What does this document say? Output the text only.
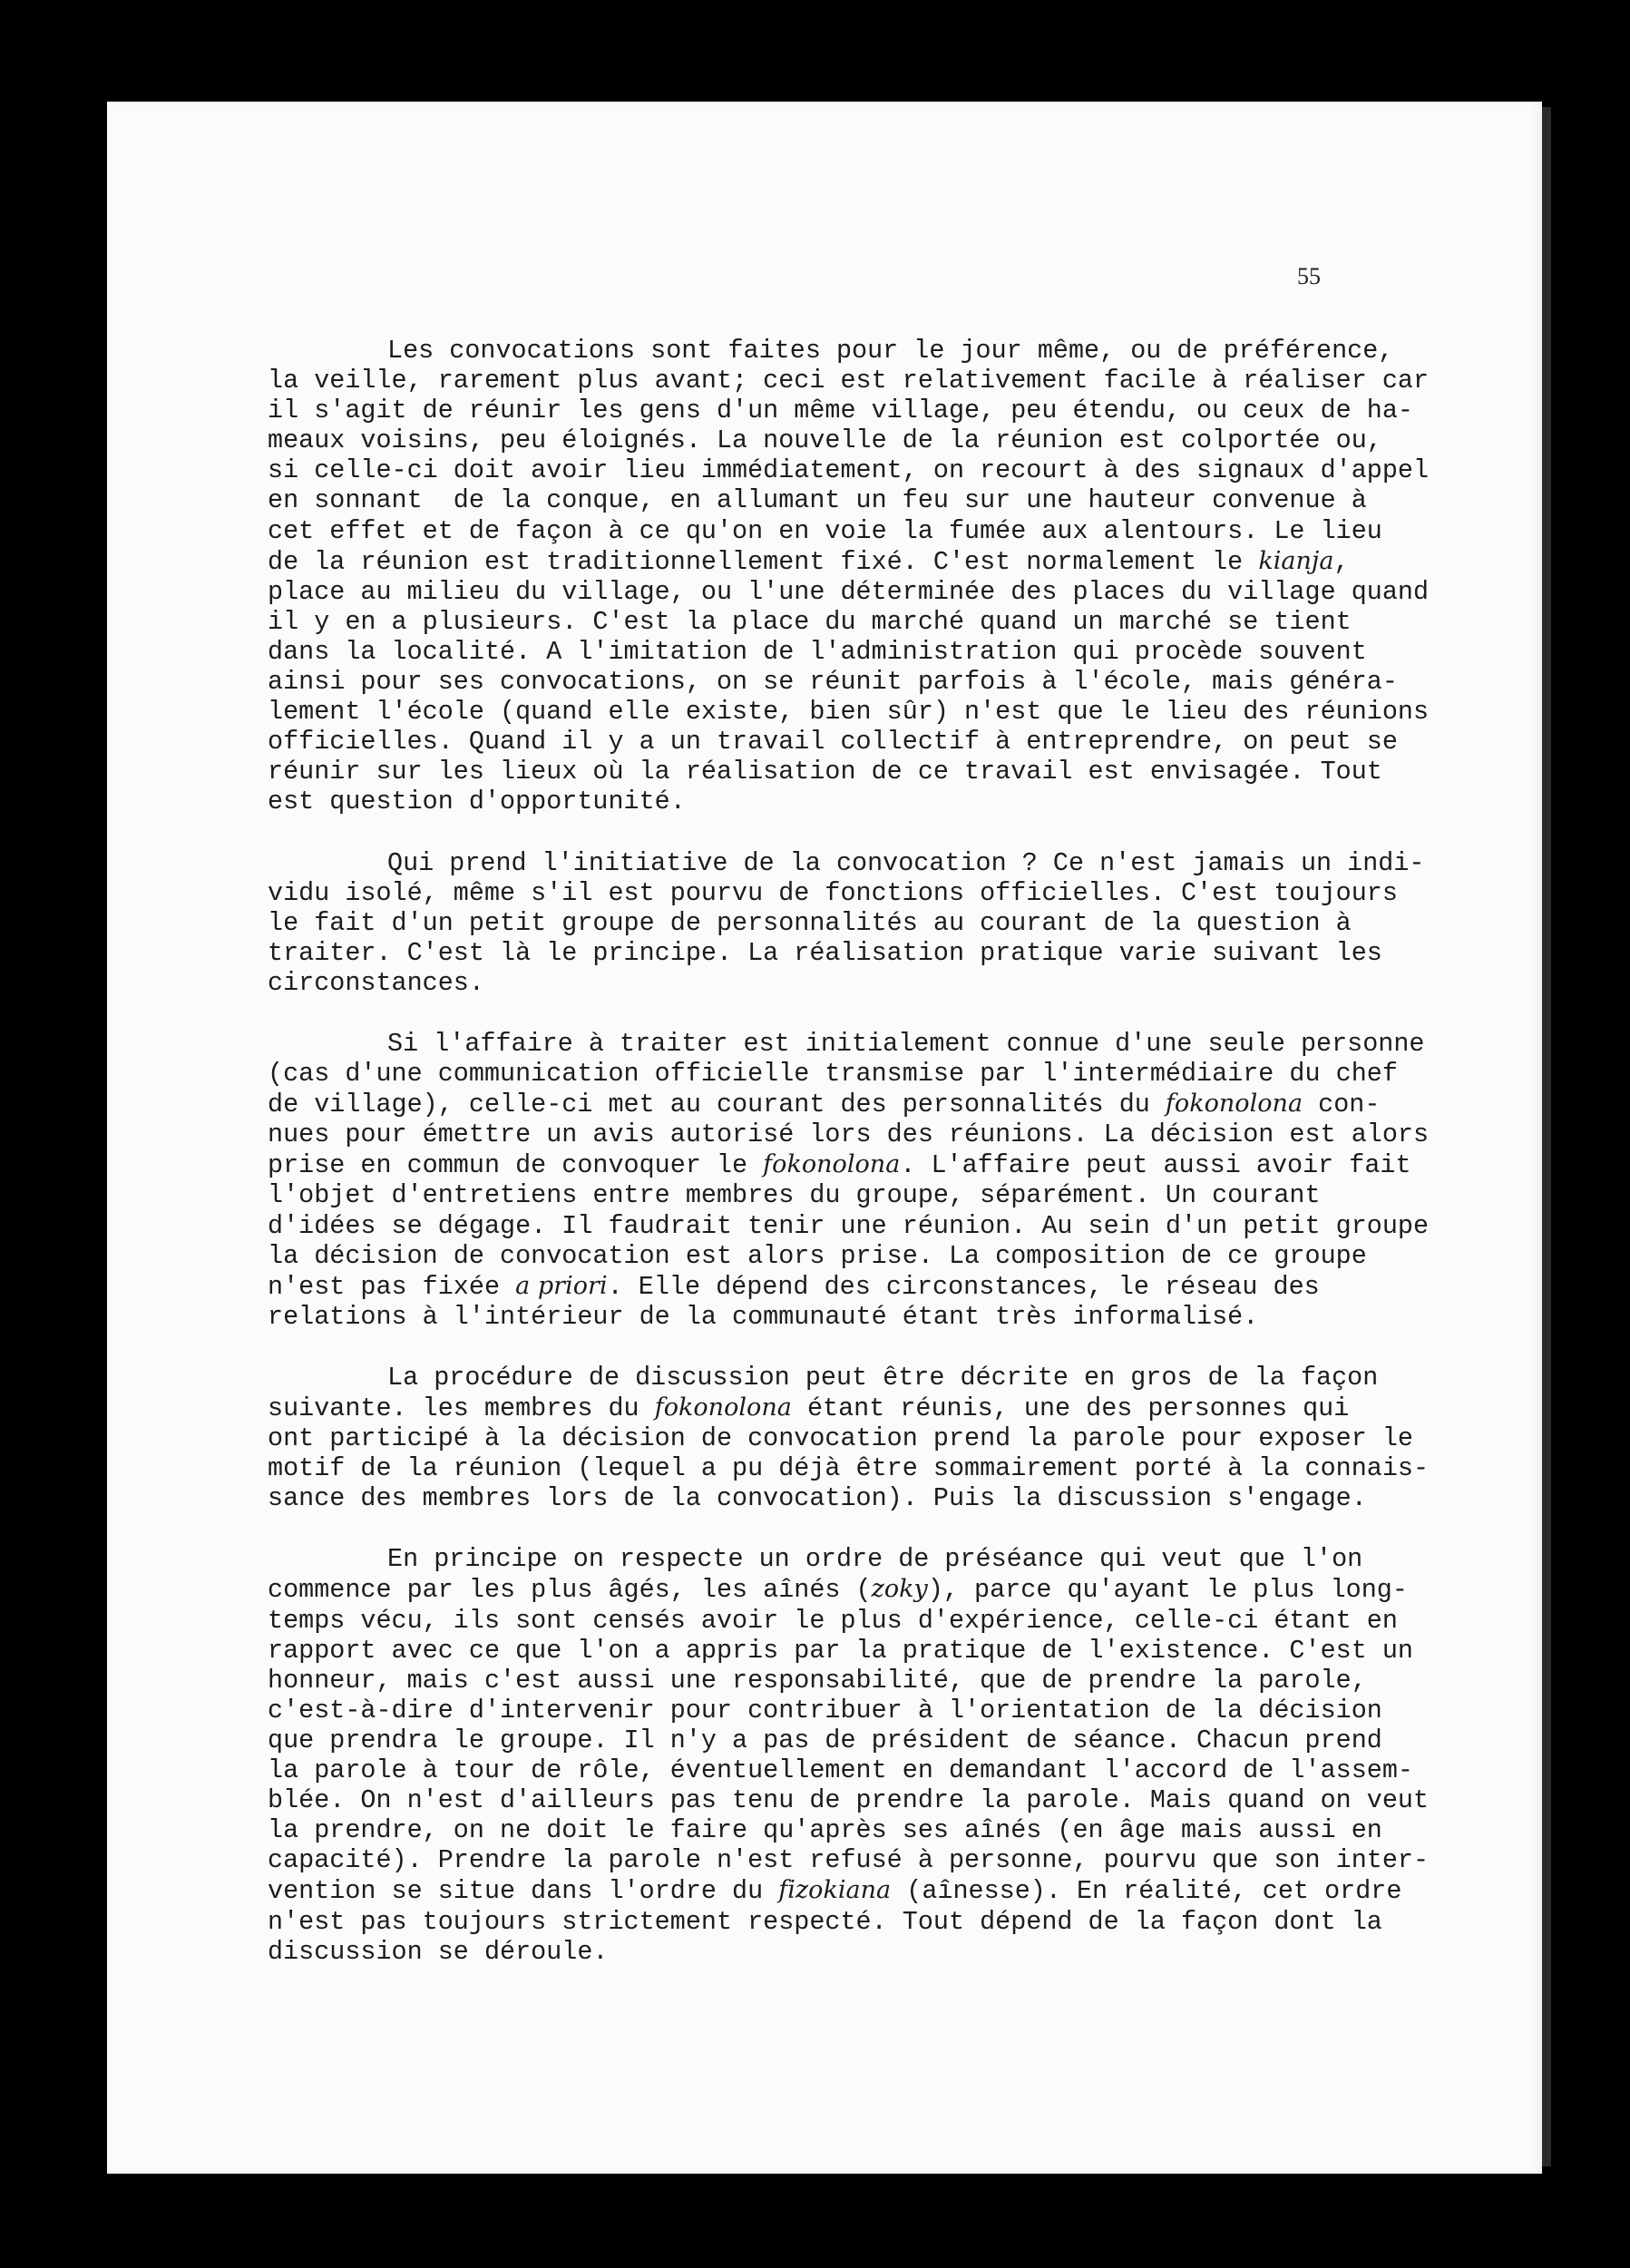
55
Les convocations sont faites pour le jour même, ou de préférence,
la veille, rarement plus avant; ceci est relativement facile à réaliser car
il s'agit de réunir les gens d'un même village, peu étendu, ou ceux de ha-
meaux voisins, peu éloignés. La nouvelle de la réunion est colportée ou,
si celle-ci doit avoir lieu immédiatement, on recourt à des signaux d'appel
en sonnant  de la conque, en allumant un feu sur une hauteur convenue à
cet effet et de façon à ce qu'on en voie la fumée aux alentours. Le lieu
de la réunion est traditionnellement fixé. C'est normalement le kianja,
place au milieu du village, ou l'une déterminée des places du village quand
il y en a plusieurs. C'est la place du marché quand un marché se tient
dans la localité. A l'imitation de l'administration qui procède souvent
ainsi pour ses convocations, on se réunit parfois à l'école, mais généra-
lement l'école (quand elle existe, bien sûr) n'est que le lieu des réunions
officielles. Quand il y a un travail collectif à entreprendre, on peut se
réunir sur les lieux où la réalisation de ce travail est envisagée. Tout
est question d'opportunité.
Qui prend l'initiative de la convocation ? Ce n'est jamais un indi-
vidu isolé, même s'il est pourvu de fonctions officielles. C'est toujours
le fait d'un petit groupe de personnalités au courant de la question à
traiter. C'est là le principe. La réalisation pratique varie suivant les
circonstances.
Si l'affaire à traiter est initialement connue d'une seule personne
(cas d'une communication officielle transmise par l'intermédiaire du chef
de village), celle-ci met au courant des personnalités du fokonolona con-
nues pour émettre un avis autorisé lors des réunions. La décision est alors
prise en commun de convoquer le fokonolona. L'affaire peut aussi avoir fait
l'objet d'entretiens entre membres du groupe, séparément. Un courant
d'idées se dégage. Il faudrait tenir une réunion. Au sein d'un petit groupe
la décision de convocation est alors prise. La composition de ce groupe
n'est pas fixée a priori. Elle dépend des circonstances, le réseau des
relations à l'intérieur de la communauté étant très informalisé.
La procédure de discussion peut être décrite en gros de la façon
suivante. les membres du fokonolona étant réunis, une des personnes qui
ont participé à la décision de convocation prend la parole pour exposer le
motif de la réunion (lequel a pu déjà être sommairement porté à la connais-
sance des membres lors de la convocation). Puis la discussion s'engage.
En principe on respecte un ordre de préséance qui veut que l'on
commence par les plus âgés, les aînés (zoky), parce qu'ayant le plus long-
temps vécu, ils sont censés avoir le plus d'expérience, celle-ci étant en
rapport avec ce que l'on a appris par la pratique de l'existence. C'est un
honneur, mais c'est aussi une responsabilité, que de prendre la parole,
c'est-à-dire d'intervenir pour contribuer à l'orientation de la décision
que prendra le groupe. Il n'y a pas de président de séance. Chacun prend
la parole à tour de rôle, éventuellement en demandant l'accord de l'assem-
blée. On n'est d'ailleurs pas tenu de prendre la parole. Mais quand on veut
la prendre, on ne doit le faire qu'après ses aînés (en âge mais aussi en
capacité). Prendre la parole n'est refusé à personne, pourvu que son inter-
vention se situe dans l'ordre du fizokiana (aînesse). En réalité, cet ordre
n'est pas toujours strictement respecté. Tout dépend de la façon dont la
discussion se déroule.
